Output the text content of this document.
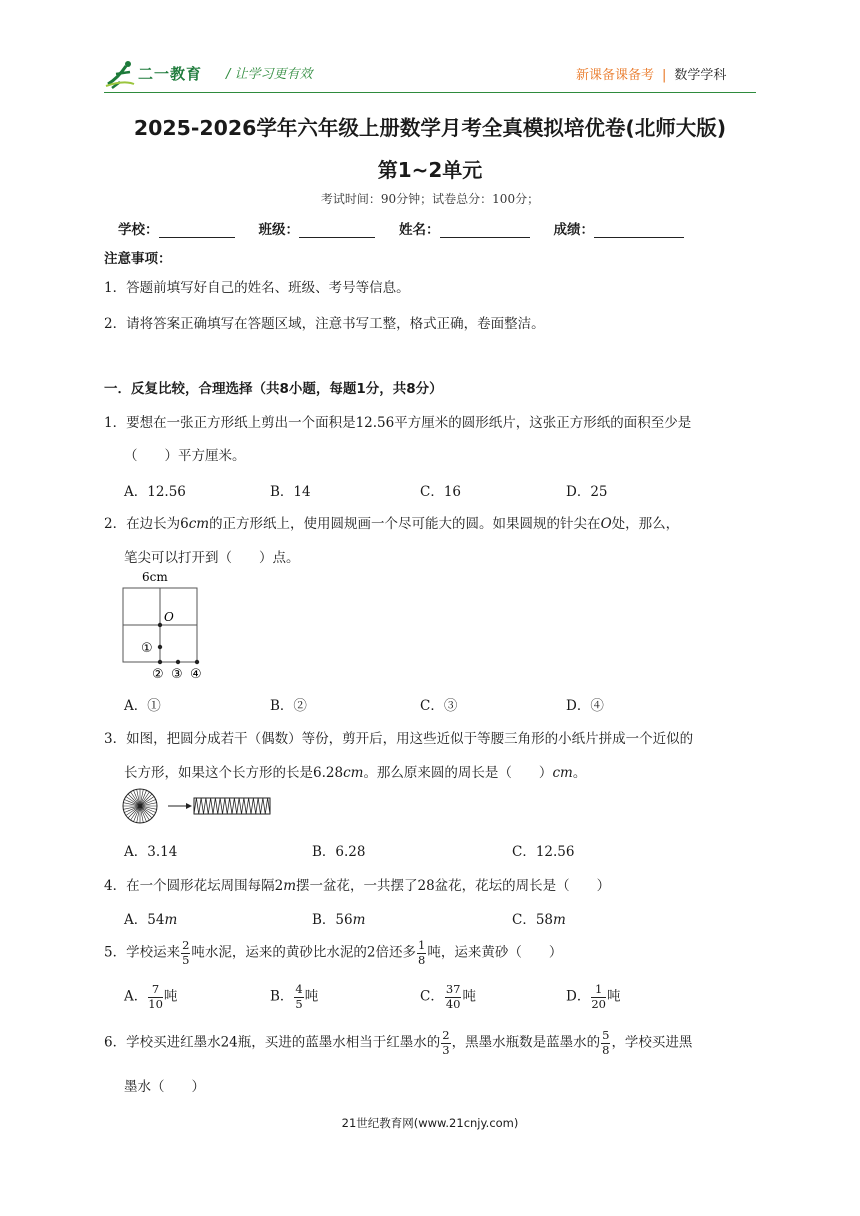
二一教育 / 让学习更有效	新课备课备考 | 数学学科
2025-2026学年六年级上册数学月考全真模拟培优卷(北师大版)
第1~2单元
考试时间：90分钟；试卷总分：100分；
学校：	班级：	姓名：	成绩：
注意事项：
1．答题前填写好自己的姓名、班级、考号等信息。
2．请将答案正确填写在答题区域，注意书写工整，格式正确，卷面整洁。
一．反复比较，合理选择（共8小题，每题1分，共8分）
1．要想在一张正方形纸上剪出一个面积是12.56平方厘米的圆形纸片，这张正方形纸的面积至少是
（　　）平方厘米。
A．12.56	B．14	C．16	D．25
2．在边长为6cm的正方形纸上，使用圆规画一个尽可能大的圆。如果圆规的针尖在O处，那么，
笔尖可以打开到（　　）点。
6cm
O
①
② ③ ④
A．①	B．②	C．③	D．④
3．如图，把圆分成若干（偶数）等份，剪开后，用这些近似于等腰三角形的小纸片拼成一个近似的
长方形，如果这个长方形的长是6.28cm。那么原来圆的周长是（　　）cm。
A．3.14	B．6.28	C．12.56
4．在一个圆形花坛周围每隔2m摆一盆花，一共摆了28盆花，花坛的周长是（　　）
A．54m	B．56m	C．58m
5．学校运来 $\frac{2}{5}$ 吨水泥，运来的黄砂比水泥的2倍还多 $\frac{1}{8}$ 吨，运来黄砂（　　）
A． $\frac{7}{10}$ 吨	B． $\frac{4}{5}$ 吨	C． $\frac{37}{40}$ 吨	D． $\frac{1}{20}$ 吨
6．学校买进红墨水24瓶，买进的蓝墨水相当于红墨水的 $\frac{2}{3}$ ，黑墨水瓶数是蓝墨水的 $\frac{5}{8}$ ，学校买进黑
墨水（　　）
21世纪教育网(www.21cnjy.com)
